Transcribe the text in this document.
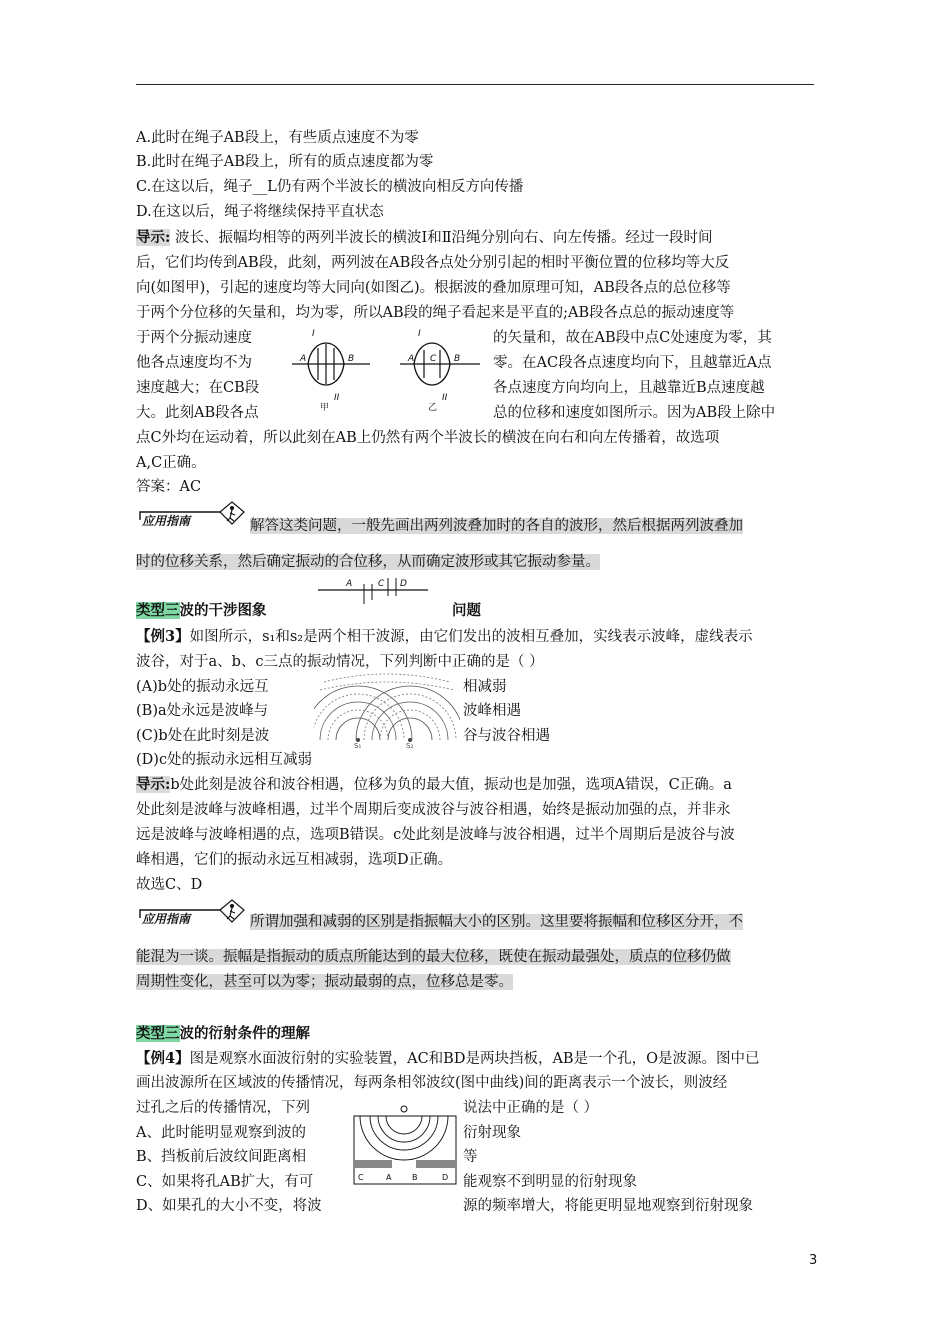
A.此时在绳子AB段上，有些质点速度不为零
B.此时在绳子AB段上，所有的质点速度都为零
C.在这以后，绳子__L仍有两个半波长的横波向相反方向传播
D.在这以后，绳子将继续保持平直状态
导示: 波长、振幅均相等的两列半波长的横波Ⅰ和Ⅱ沿绳分别向右、向左传播。经过一段时间
后，它们均传到AB段，此刻，两列波在AB段各点处分别引起的相时平衡位置的位移均等大反
向(如图甲)，引起的速度均等大同向(如图乙)。根据波的叠加原理可知，AB段各点的总位移等
于两个分位移的矢量和，均为零，所以AB段的绳子看起来是平直的;AB段各点总的振动速度等
于两个分振动速度	的矢量和，故在AB段中点C处速度为零，其
他各点速度均不为	零。在AC段各点速度均向下，且越靠近A点
速度越大；在CB段	各点速度方向均向上，且越靠近B点速度越
大。此刻AB段各点	总的位移和速度如图所示。因为AB段上除中
点C外均在运动着，所以此刻在AB上仍然有两个半波长的横波在向右和向左传播着，故选项
A,C正确。
答案：AC
A	B	A C B
I	I
II	II
甲	乙
应用指南	解答这类问题，一般先画出两列波叠加时的各自的波形，然后根据两列波叠加
时的位移关系，然后确定振动的合位移，从而确定波形或其它振动参量。
A	C D
类型三波的干涉图象	问题
【例3】如图所示，s₁和s₂是两个相干波源，由它们发出的波相互叠加，实线表示波峰，虚线表示
波谷，对于a、b、c三点的振动情况，下列判断中正确的是（ ）
(A)b处的振动永远互	相减弱
(B)a处永远是波峰与	波峰相遇
(C)b处在此时刻是波	谷与波谷相遇
(D)c处的振动永远相互减弱
S₁	S₂
导示:b处此刻是波谷和波谷相遇，位移为负的最大值，振动也是加强，选项A错误，C正确。a
处此刻是波峰与波峰相遇，过半个周期后变成波谷与波谷相遇，始终是振动加强的点，并非永
远是波峰与波峰相遇的点，选项B错误。c处此刻是波峰与波谷相遇，过半个周期后是波谷与波
峰相遇，它们的振动永远互相减弱，选项D正确。
故选C、D
应用指南	所谓加强和减弱的区别是指振幅大小的区别。这里要将振幅和位移区分开，不
能混为一谈。振幅是指振动的质点所能达到的最大位移，既使在振动最强处，质点的位移仍做
周期性变化，甚至可以为零；振动最弱的点，位移总是零。
类型三波的衍射条件的理解
【例4】图是观察水面波衍射的实验装置，AC和BD是两块挡板，AB是一个孔，O是波源。图中已
画出波源所在区域波的传播情况，每两条相邻波纹(图中曲线)间的距离表示一个波长，则波经
过孔之后的传播情况，下列	说法中正确的是（ ）
A、此时能明显观察到波的	衍射现象
B、挡板前后波纹间距离相	等
C、如果将孔AB扩大，有可	能观察不到明显的衍射现象
D、如果孔的大小不变，将波	源的频率增大，将能更明显地观察到衍射现象
C	A	B	D
3
